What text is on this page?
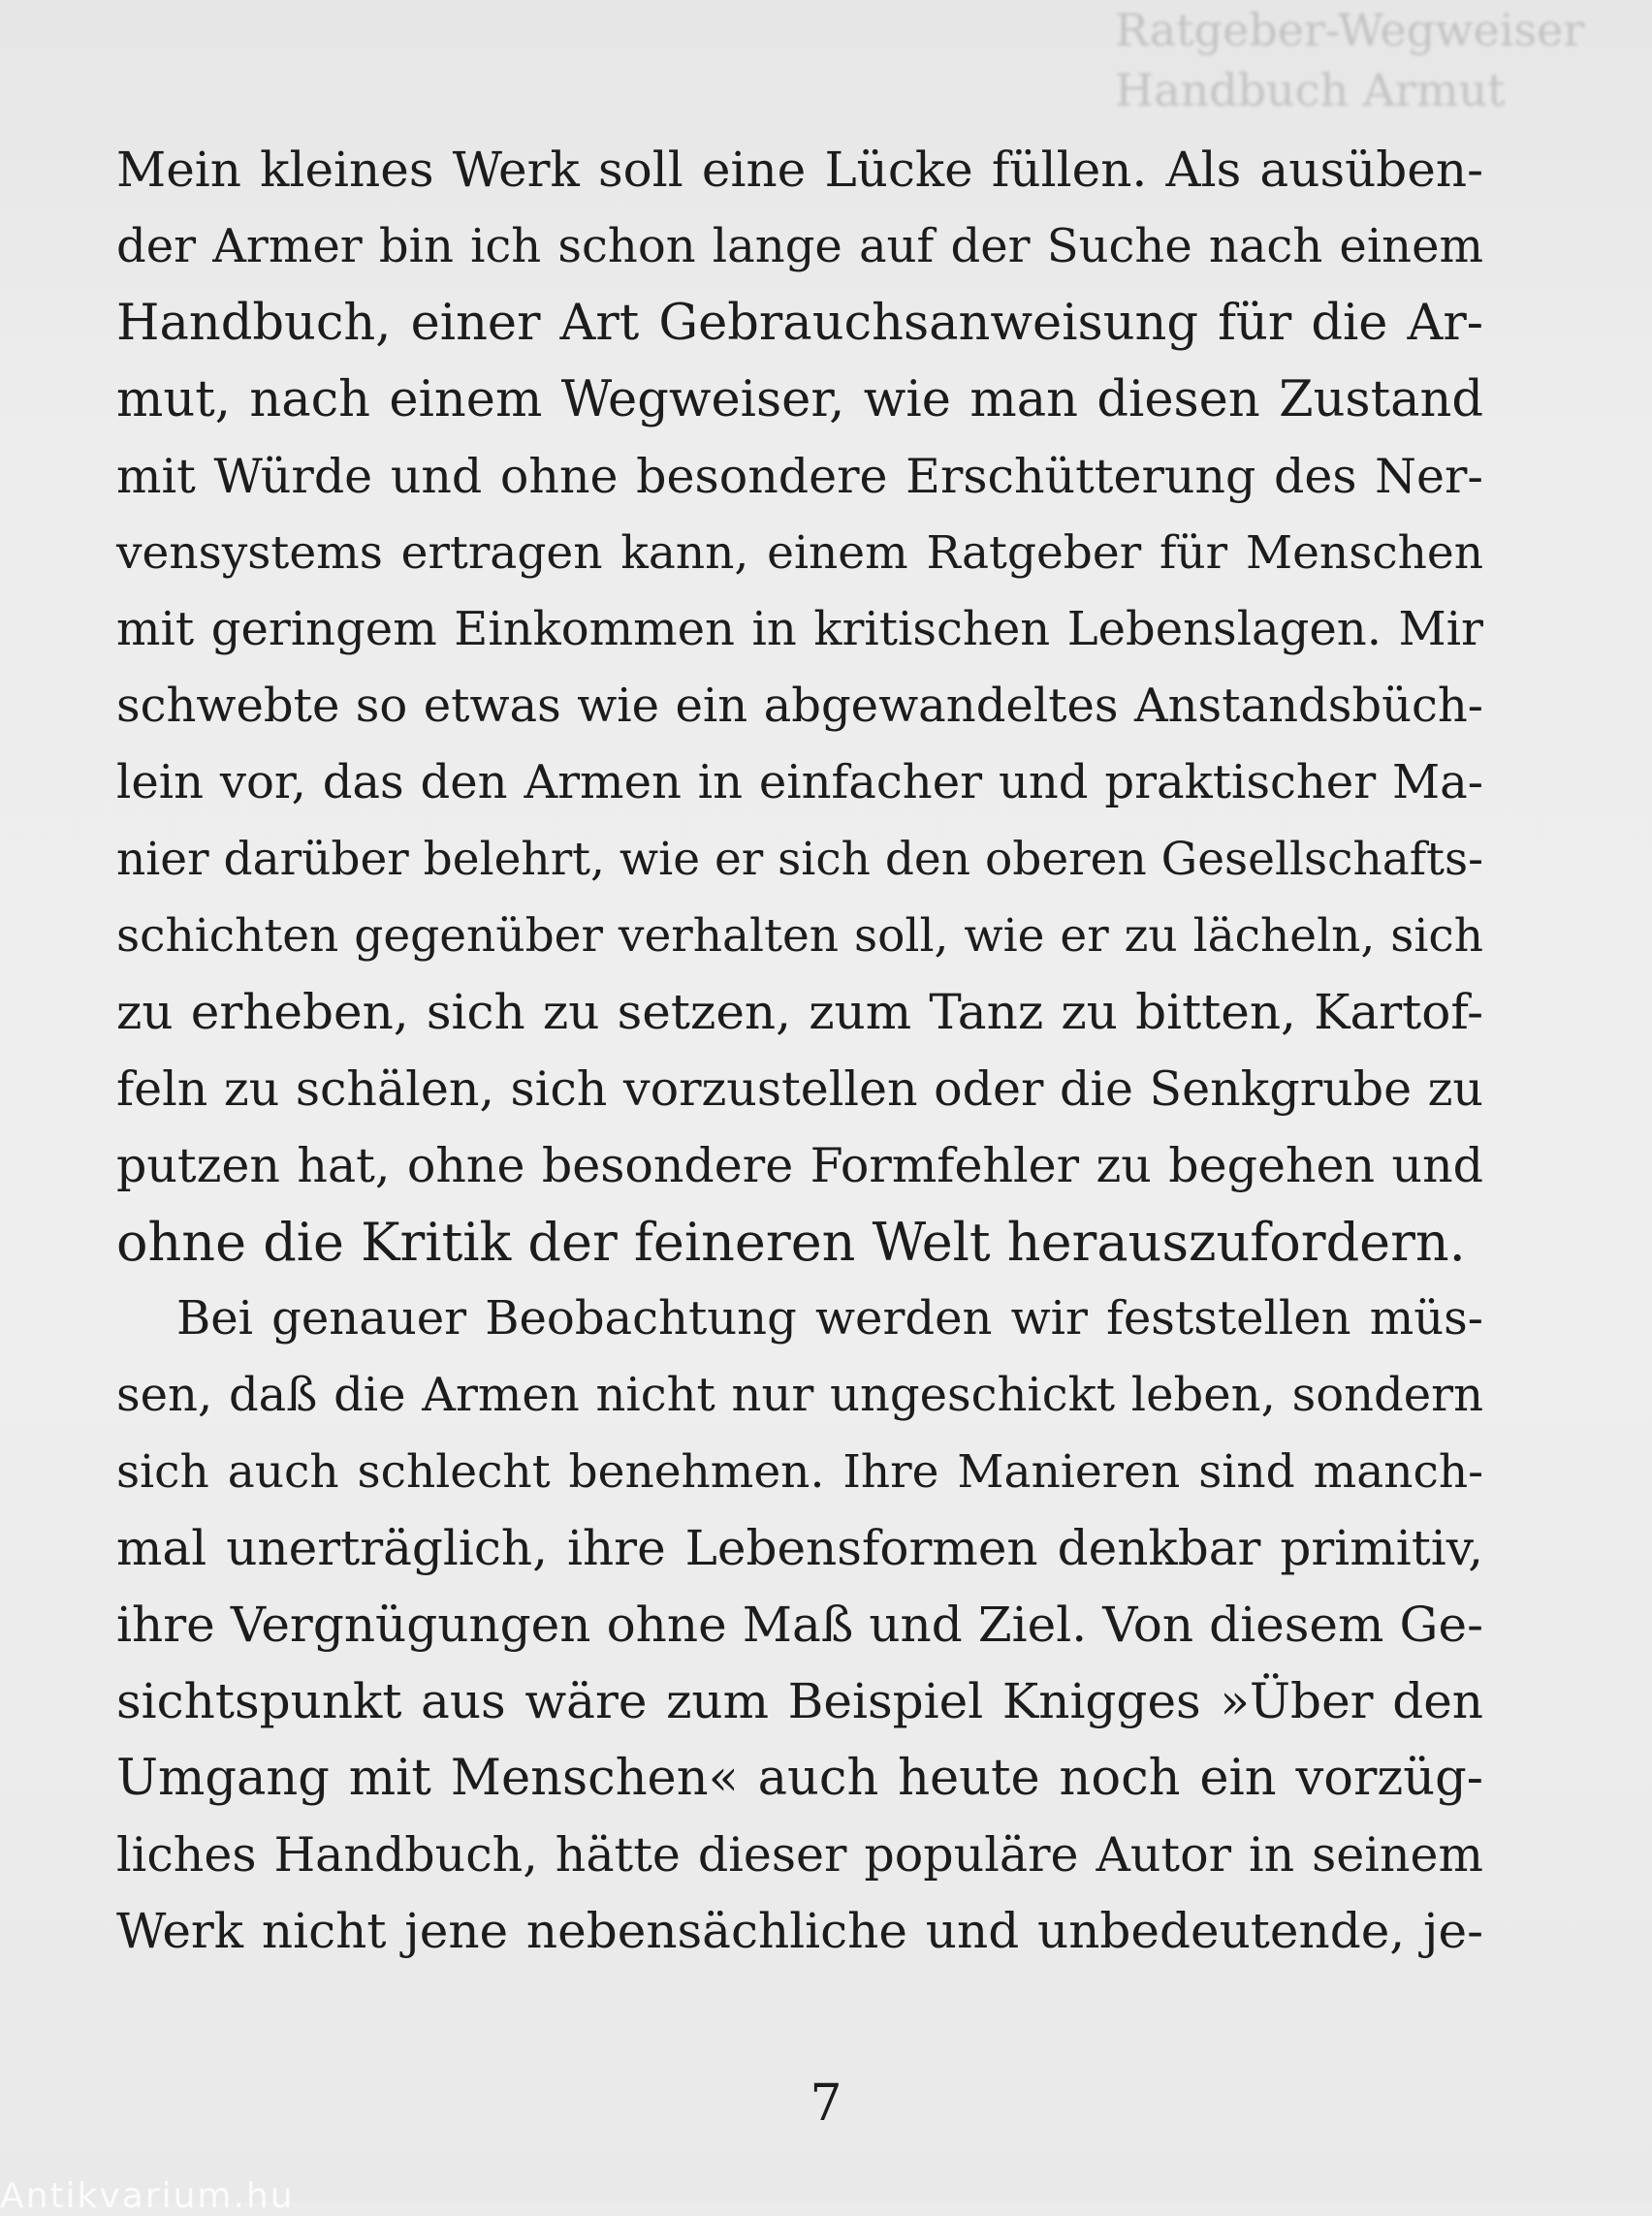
Ratgeber-Wegweiser
Handbuch Armut
Mein kleines Werk soll eine Lücke füllen. Als ausüben-
der Armer bin ich schon lange auf der Suche nach einem
Handbuch, einer Art Gebrauchsanweisung für die Ar-
mut, nach einem Wegweiser, wie man diesen Zustand
mit Würde und ohne besondere Erschütterung des Ner-
vensystems ertragen kann, einem Ratgeber für Menschen
mit geringem Einkommen in kritischen Lebenslagen. Mir
schwebte so etwas wie ein abgewandeltes Anstandsbüch-
lein vor, das den Armen in einfacher und praktischer Ma-
nier darüber belehrt, wie er sich den oberen Gesellschafts-
schichten gegenüber verhalten soll, wie er zu lächeln, sich
zu erheben, sich zu setzen, zum Tanz zu bitten, Kartof-
feln zu schälen, sich vorzustellen oder die Senkgrube zu
putzen hat, ohne besondere Formfehler zu begehen und
ohne die Kritik der feineren Welt herauszufordern.
Bei genauer Beobachtung werden wir feststellen müs-
sen, daß die Armen nicht nur ungeschickt leben, sondern
sich auch schlecht benehmen. Ihre Manieren sind manch-
mal unerträglich, ihre Lebensformen denkbar primitiv,
ihre Vergnügungen ohne Maß und Ziel. Von diesem Ge-
sichtspunkt aus wäre zum Beispiel Knigges »Über den
Umgang mit Menschen« auch heute noch ein vorzüg-
liches Handbuch, hätte dieser populäre Autor in seinem
Werk nicht jene nebensächliche und unbedeutende, je-
7
Antikvarium.hu
